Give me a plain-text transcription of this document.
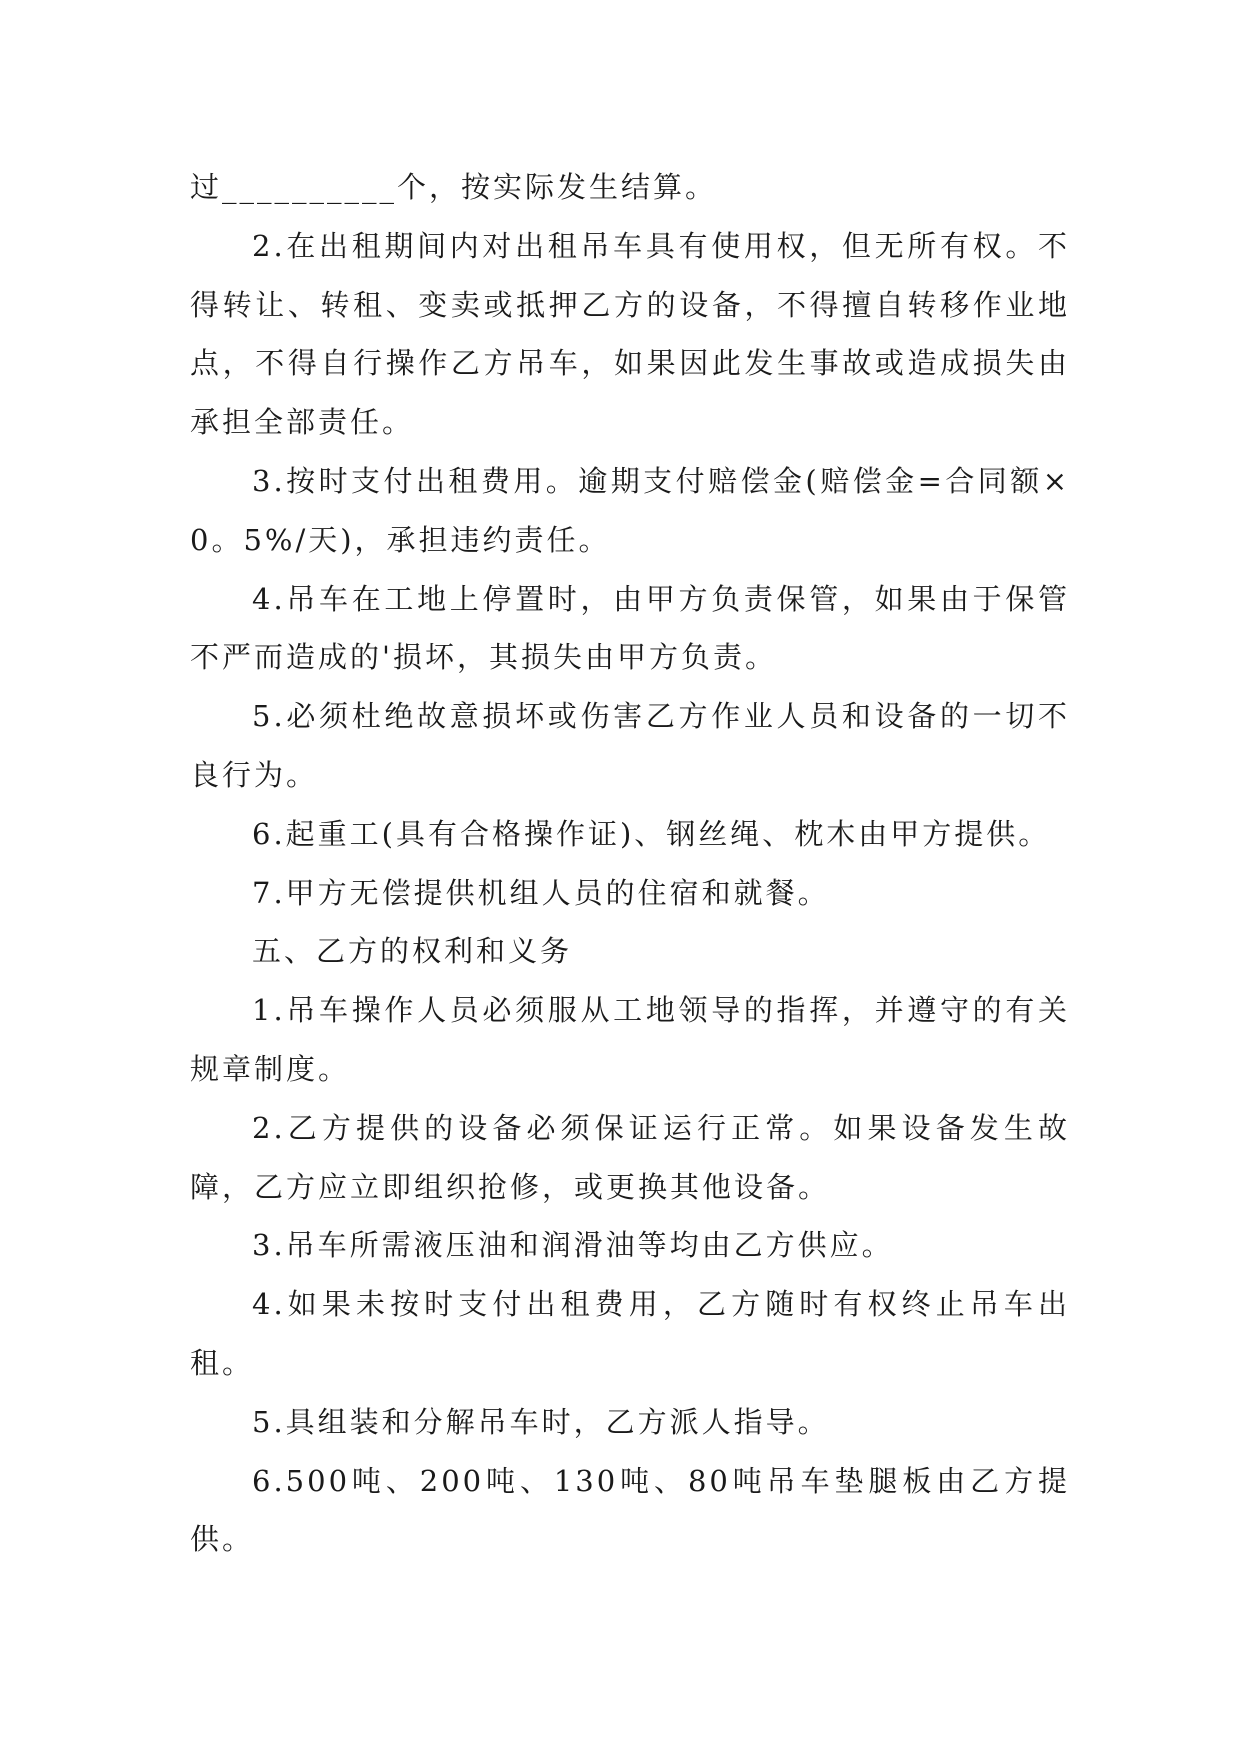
过__________个，按实际发生结算。

2.在出租期间内对出租吊车具有使用权，但无所有权。不得转让、转租、变卖或抵押乙方的设备，不得擅自转移作业地点，不得自行操作乙方吊车，如果因此发生事故或造成损失由承担全部责任。

3.按时支付出租费用。逾期支付赔偿金(赔偿金=合同额×0。5%/天)，承担违约责任。

4.吊车在工地上停置时，由甲方负责保管，如果由于保管不严而造成的'损坏，其损失由甲方负责。

5.必须杜绝故意损坏或伤害乙方作业人员和设备的一切不良行为。

6.起重工(具有合格操作证)、钢丝绳、枕木由甲方提供。

7.甲方无偿提供机组人员的住宿和就餐。

五、乙方的权利和义务

1.吊车操作人员必须服从工地领导的指挥，并遵守的有关规章制度。

2.乙方提供的设备必须保证运行正常。如果设备发生故障，乙方应立即组织抢修，或更换其他设备。

3.吊车所需液压油和润滑油等均由乙方供应。

4.如果未按时支付出租费用，乙方随时有权终止吊车出租。

5.具组装和分解吊车时，乙方派人指导。

6.500吨、200吨、130吨、80吨吊车垫腿板由乙方提供。
